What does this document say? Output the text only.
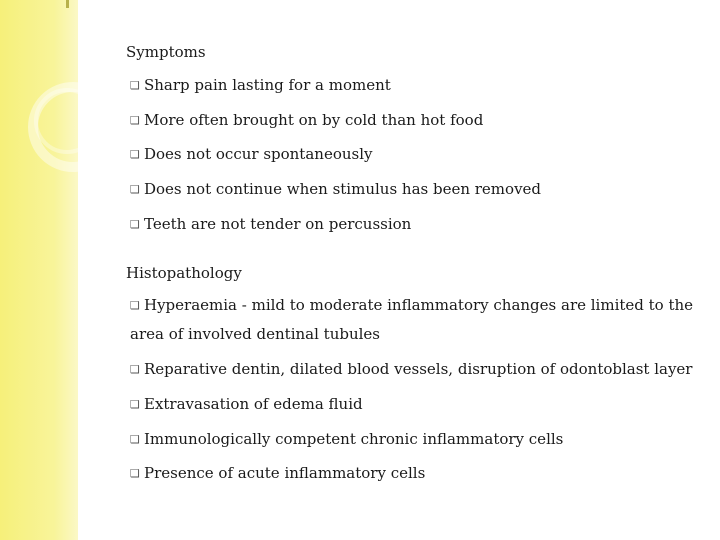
Symptoms
❑ Sharp pain lasting for a moment
❑ More often brought on by cold than hot food
❑ Does not occur spontaneously
❑ Does not continue when stimulus has been removed
❑ Teeth are not tender on percussion
Histopathology
❑ Hyperaemia - mild to moderate inflammatory changes are limited to the area of involved dentinal tubules
❑ Reparative dentin, dilated blood vessels, disruption of odontoblast layer
❑ Extravasation of edema fluid
❑ Immunologically competent chronic inflammatory cells
❑ Presence of acute inflammatory cells
